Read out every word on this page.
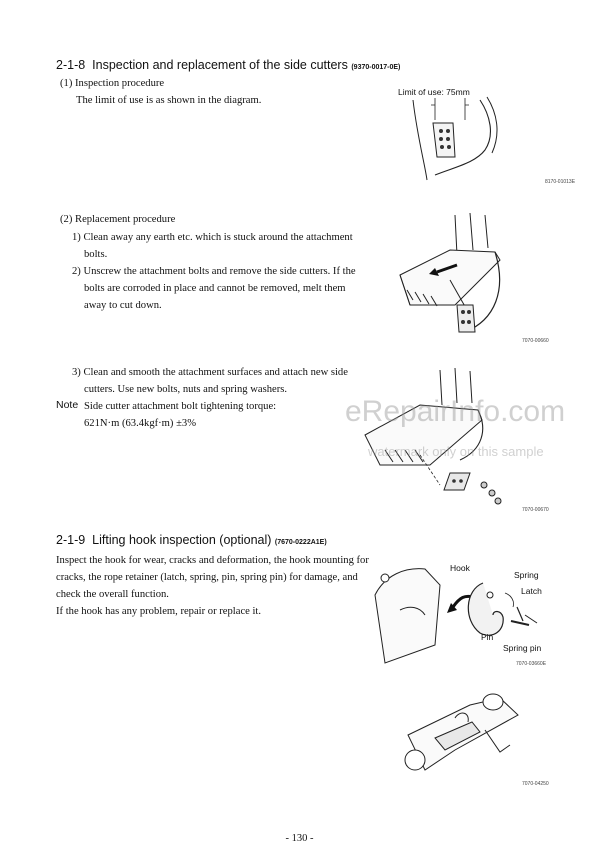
2-1-8 Inspection and replacement of the side cutters (9370-0017-0E)
(1) Inspection procedure
The limit of use is as shown in the diagram.
Limit of use: 75mm
8170-01013E
(2) Replacement procedure
1) Clean away any earth etc. which is stuck around the attachment
bolts.
2) Unscrew the attachment bolts and remove the side cutters. If the
bolts are corroded in place and cannot be removed, melt them
away to cut down.
7070-00660
3) Clean and smooth the attachment surfaces and attach new side
cutters. Use new bolts, nuts and spring washers.
Note Side cutter attachment bolt tightening torque:
621N·m (63.4kgf·m) ±3%
7070-00670
eRepairInfo.com
watermark only on this sample
2-1-9 Lifting hook inspection (optional) (7670-0222A1E)
Inspect the hook for wear, cracks and deformation, the hook mounting for
cracks, the rope retainer (latch, spring, pin, spring pin) for damage, and
check the overall function.
If the hook has any problem, repair or replace it.
Hook
Spring
Latch
Pin
Spring pin
7070-03660E
7070-04250
- 130 -
